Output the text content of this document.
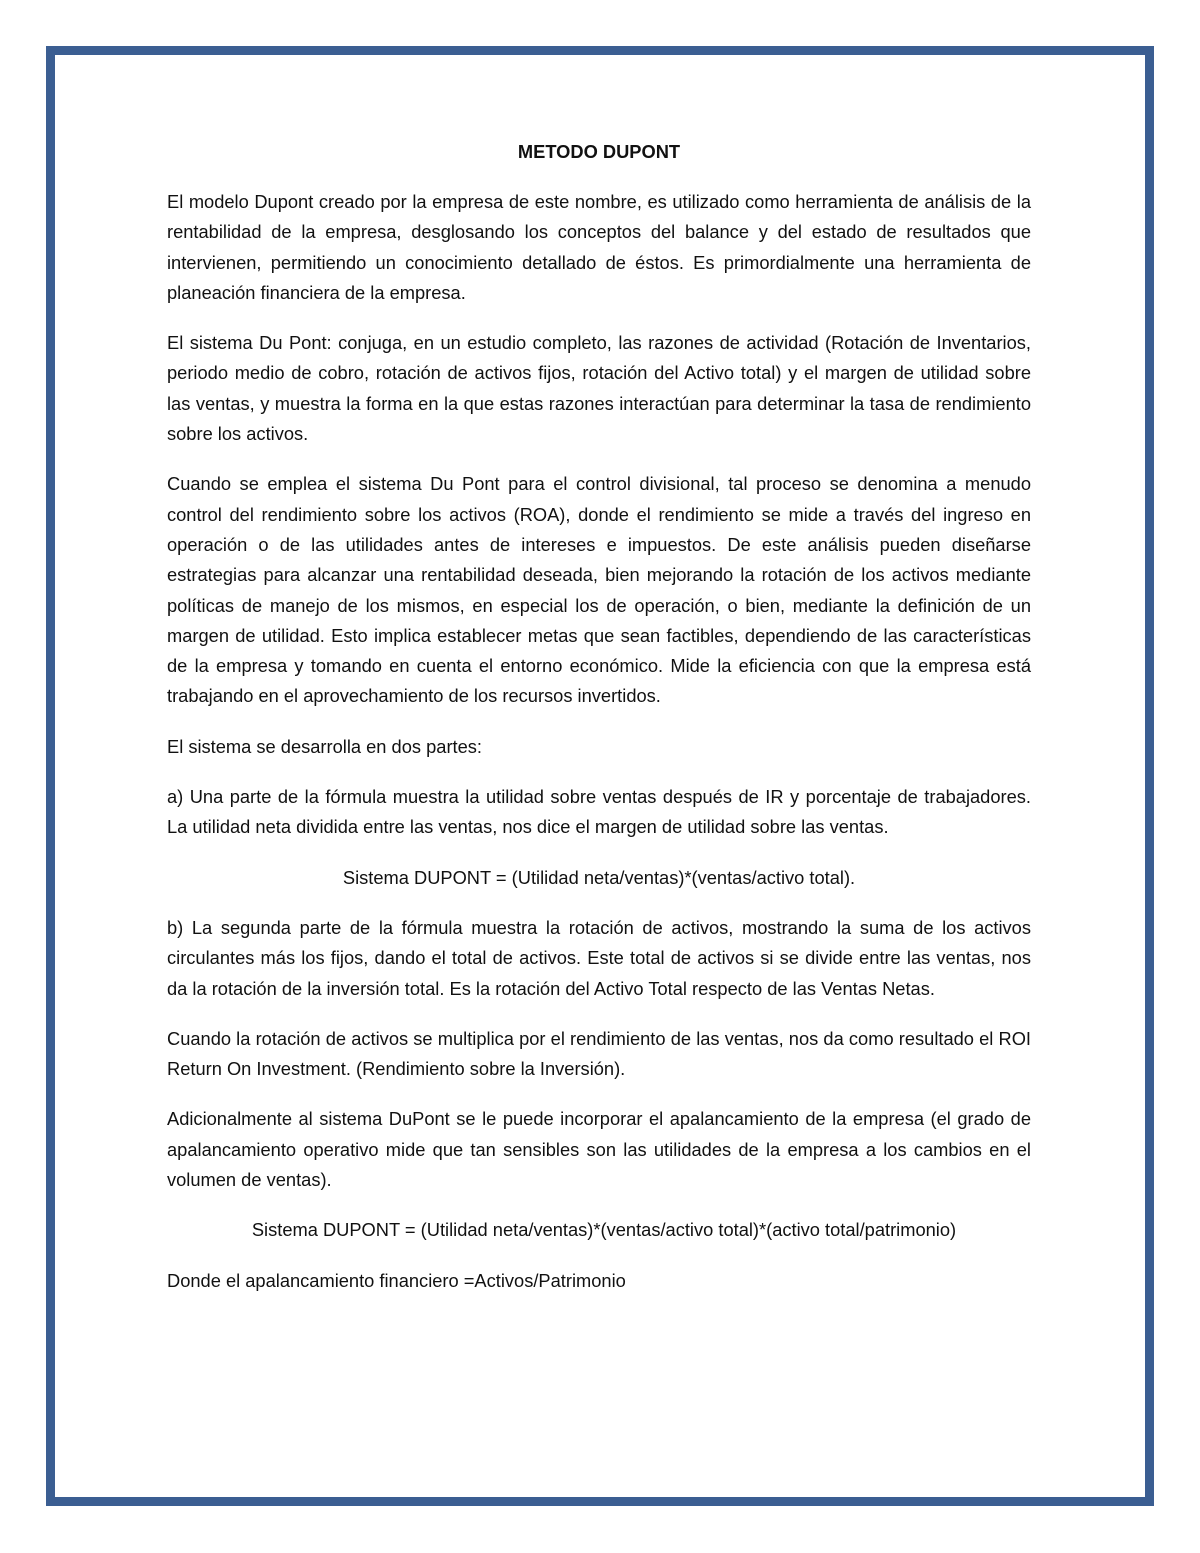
METODO DUPONT

El modelo Dupont creado por la empresa de este nombre, es utilizado como herramienta de análisis de la rentabilidad de la empresa, desglosando los conceptos del balance y del estado de resultados que intervienen, permitiendo un conocimiento detallado de éstos. Es primordialmente una herramienta de planeación financiera de la empresa.

El sistema Du Pont: conjuga, en un estudio completo, las razones de actividad (Rotación de Inventarios, periodo medio de cobro, rotación de activos fijos, rotación del Activo total) y el margen de utilidad sobre las ventas, y muestra la forma en la que estas razones interactúan para determinar la tasa de rendimiento sobre los activos.

Cuando se emplea el sistema Du Pont para el control divisional, tal proceso se denomina a menudo control del rendimiento sobre los activos (ROA), donde el rendimiento se mide a través del ingreso en operación o de las utilidades antes de intereses e impuestos. De este análisis pueden diseñarse estrategias para alcanzar una rentabilidad deseada, bien mejorando la rotación de los activos mediante políticas de manejo de los mismos, en especial los de operación, o bien, mediante la definición de un margen de utilidad. Esto implica establecer metas que sean factibles, dependiendo de las características de la empresa y tomando en cuenta el entorno económico. Mide la eficiencia con que la empresa está trabajando en el aprovechamiento de los recursos invertidos.

El sistema se desarrolla en dos partes:

a) Una parte de la fórmula muestra la utilidad sobre ventas después de IR y porcentaje de trabajadores. La utilidad neta dividida entre las ventas, nos dice el margen de utilidad sobre las ventas.

Sistema DUPONT = (Utilidad neta/ventas)*(ventas/activo total).

b) La segunda parte de la fórmula muestra la rotación de activos, mostrando la suma de los activos circulantes más los fijos, dando el total de activos. Este total de activos si se divide entre las ventas, nos da la rotación de la inversión total. Es la rotación del Activo Total respecto de las Ventas Netas.

Cuando la rotación de activos se multiplica por el rendimiento de las ventas, nos da como resultado el ROI Return On Investment. (Rendimiento sobre la Inversión).

Adicionalmente al sistema DuPont se le puede incorporar el apalancamiento de la empresa (el grado de apalancamiento operativo mide que tan sensibles son las utilidades de la empresa a los cambios en el volumen de ventas).

Sistema DUPONT = (Utilidad neta/ventas)*(ventas/activo total)*(activo total/patrimonio)

Donde el apalancamiento financiero =Activos/Patrimonio
